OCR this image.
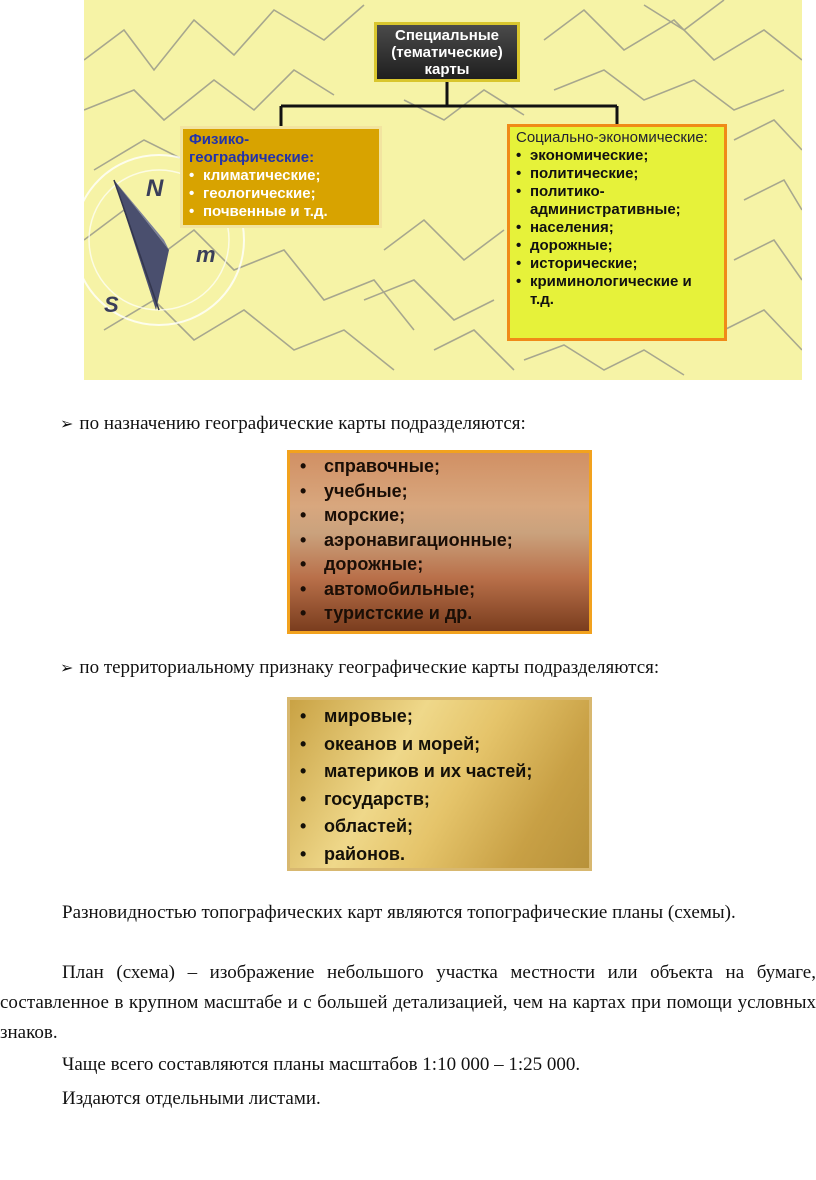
N
S
m
Специальные (тематические) карты
Физико-географические:
• климатические;
• геологические;
• почвенные и т.д.
Социально-экономические:
• экономические;
• политические;
• политико-административные;
• населения;
• дорожные;
• исторические;
• криминологические и т.д.
➢ по назначению географические карты подразделяются:
• справочные;
• учебные;
• морские;
• аэронавигационные;
• дорожные;
• автомобильные;
• туристские и др.
➢ по территориальному признаку географические карты подразделяются:
• мировые;
• океанов и морей;
• материков и их частей;
• государств;
• областей;
• районов.
Разновидностью топографических карт являются топографические планы (схемы).
План (схема) – изображение небольшого участка местности или объекта на бумаге, составленное в крупном масштабе и с большей детализацией, чем на картах при помощи условных знаков.
Чаще всего составляются планы масштабов 1:10 000 – 1:25 000.
Издаются отдельными листами.
